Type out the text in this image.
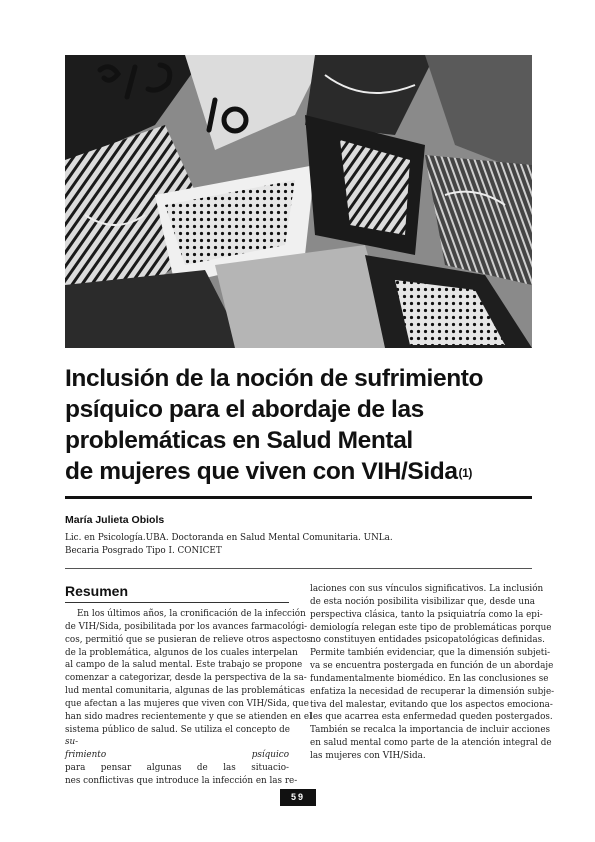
Inclusión de la noción de sufrimiento
psíquico para el abordaje de las
problemáticas en Salud Mental
de mujeres que viven con VIH/Sida$^{(1)}$
María Julieta Obiols
Lic. en Psicología.UBA. Doctoranda en Salud Mental Comunitaria. UNLa.
Becaria Posgrado Tipo I. CONICET
Resumen
En los últimos años, la cronificación de la infección
de VIH/Sida, posibilitada por los avances farmacológi-
cos, permitió que se pusieran de relieve otros aspectos
de la problemática, algunos de los cuales interpelan
al campo de la salud mental. Este trabajo se propone
comenzar a categorizar, desde la perspectiva de la sa-
lud mental comunitaria, algunas de las problemáticas
que afectan a las mujeres que viven con VIH/Sida, que
han sido madres recientemente y que se atienden en el
sistema público de salud. Se utiliza el concepto de
su-
frimiento psíquico
para pensar algunas de las situacio-
nes conflictivas que introduce la infección en las re-
laciones con sus vínculos significativos. La inclusión
de esta noción posibilita visibilizar que, desde una
perspectiva clásica, tanto la psiquiatría como la epi-
demiología relegan este tipo de problemáticas porque
no constituyen entidades psicopatológicas definidas.
Permite también evidenciar, que la dimensión subjeti-
va se encuentra postergada en función de un abordaje
fundamentalmente biomédico. En las conclusiones se
enfatiza la necesidad de recuperar la dimensión subje-
tiva del malestar, evitando que los aspectos emociona-
les que acarrea esta enfermedad queden postergados.
También se recalca la importancia de incluir acciones
en salud mental como parte de la atención integral de
las mujeres con VIH/Sida.
59
